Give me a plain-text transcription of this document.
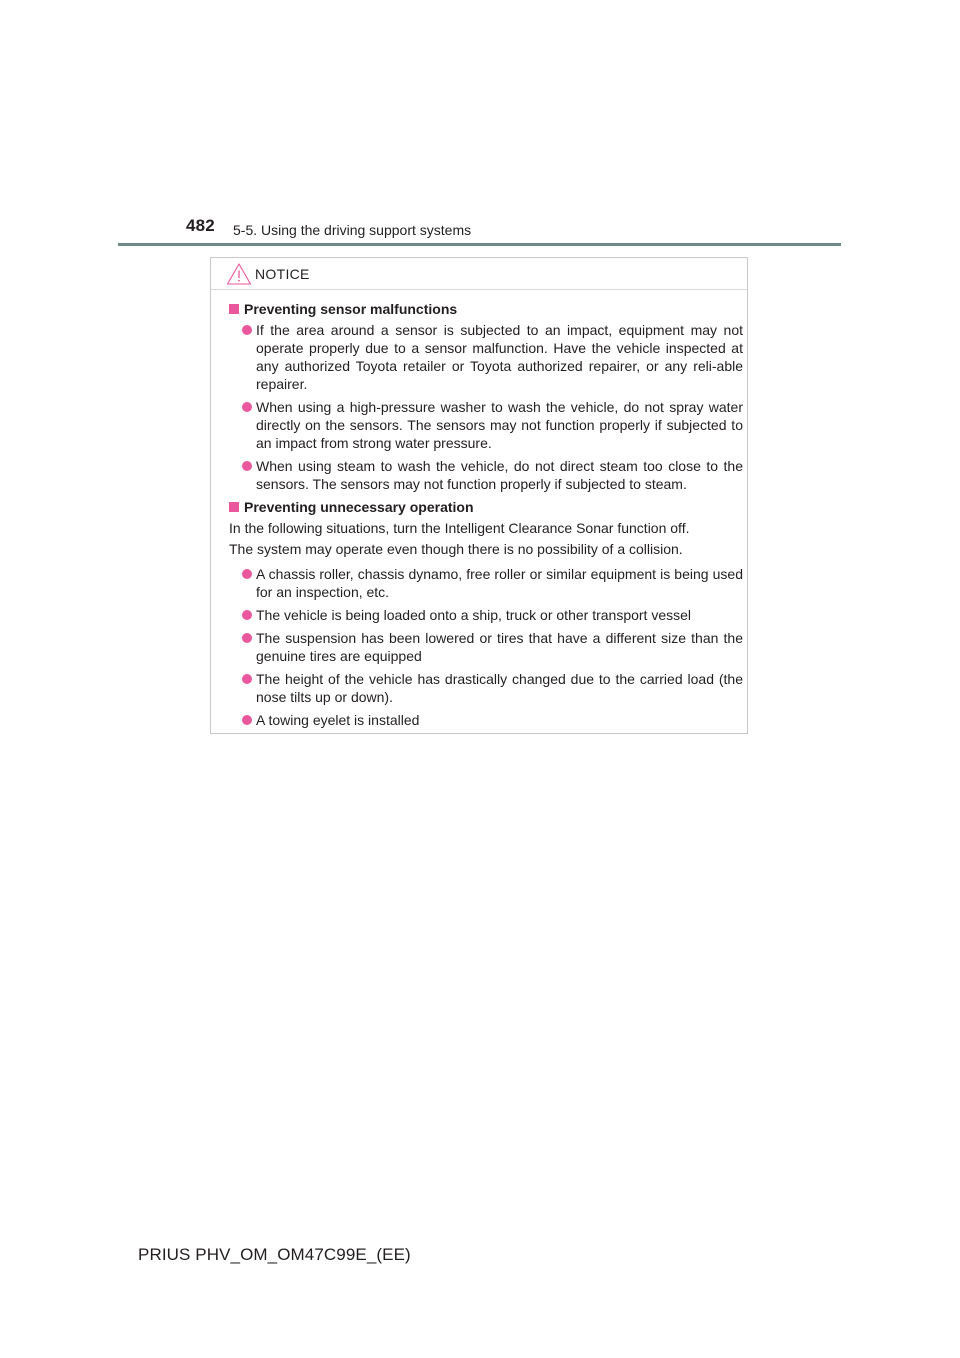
482 5-5. Using the driving support systems
NOTICE
Preventing sensor malfunctions
If the area around a sensor is subjected to an impact, equipment may not operate properly due to a sensor malfunction. Have the vehicle inspected at any authorized Toyota retailer or Toyota authorized repairer, or any reli-able repairer.
When using a high-pressure washer to wash the vehicle, do not spray water directly on the sensors. The sensors may not function properly if subjected to an impact from strong water pressure.
When using steam to wash the vehicle, do not direct steam too close to the sensors. The sensors may not function properly if subjected to steam.
Preventing unnecessary operation
In the following situations, turn the Intelligent Clearance Sonar function off.
The system may operate even though there is no possibility of a collision.
A chassis roller, chassis dynamo, free roller or similar equipment is being used for an inspection, etc.
The vehicle is being loaded onto a ship, truck or other transport vessel
The suspension has been lowered or tires that have a different size than the genuine tires are equipped
The height of the vehicle has drastically changed due to the carried load (the nose tilts up or down).
A towing eyelet is installed
PRIUS PHV_OM_OM47C99E_(EE)
